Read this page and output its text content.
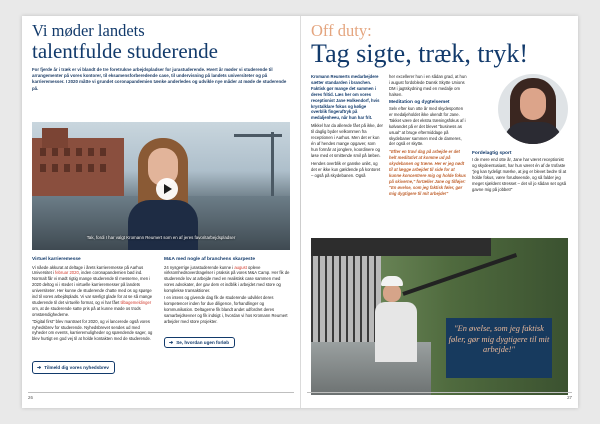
Vi møder landets
talentfulde studerende
For fjerde år i træk er vi blandt de tre foretrukne arbejdspladser for jurastuderende. Hvert år møder vi studerende til arrangementer på vores kontorer, til eksamensforberedende case, til undervisning på landets universiteter og på karrieremesser. I 2020 måtte vi grundet coronapandemien tænke anderledes og udvikle nye måder at møde de studerende på.
Tak, fordi I har valgt Kromann Reumert som en af jeres favoritarbejdspladser
Virtuel karrieremesse

Vi nåede akkurat at deltage i årets karrieremesse på Aarhus Universitet i februar 2020, inden coronapandemien bød ind. Normalt får vi mødt rigtig mange studerende til messerne, men i 2020 deltog vi i stedet i virtuelle karrieremesser på landets universiteter. Her kunne de studerende chatte med os og spørge ind til vores arbejdsplads. Vi var særligt glade for at se så mange studerende til det virtuelle format, og vi har fået tilbagemeldinger om, at de studerende satte pris på at kunne møde os trods omstændighederne.

"Digital first" blev mantraet for 2020, og vi lancerede også vores nyhedsbrev for studerende. Nyhedsbrevet sendes ud med nyheder om events, karrieremuligheder og spændende sager, og blev hurtigt en god vej til at holde kontakten med de studerende.

M&A med nogle af branchens skarpeste

24 nysgerrige jurastuderende kunne i august opleve virksomhedsoverdragelser i praksis på vores M&A Camp. Her fik de studerende lov at arbejde med en realistisk case sammen med vores advokater, der gav dem et indblik i arbejdet med store og komplekse transaktioner.

I en intens og givende dag fik de studerende udviklet deres kompetencer inden for due diligence, forhandlinger og kommunikation. Deltagerne fik blandt andet udfordret deres samarbejdsevner og fik indsigt i, hvordan vi hos Kromann Reumert arbejder med store projekter.

➔ Se, hvordan ugen forløb
➔ Tilmeld dig vores nyhedsbrev
26
Off duty:
Tag sigte, træk, tryk!

Kromann Reumerts medarbejdere sætter standarden i branchen. Faktisk gør mange det sammen i deres fritid. Læs her om vores receptionist Jane Holkendorf, hvis krystalklare fokus og kølige overblik fingeraftryk på medaljenheeu, når hun har frit.

Mikkel har da allerede fået på ikke, der til daglig byder velkommen fra receptionen i Aarhus. Men det er kun én af hendes mange opgaver, som hun formår at jonglere, koordinere og løse med et smittende smil på læben.

Hendes overblik er ganske unikt, og det er ikke kun gældende på kontoret – også på skydebanen. Også

her excellerer hun i en sådan grad, at hun i august fordoblede Dansk Skytte Unions DM i jagtskydning med en medalje om halsen.

Meditation og dygtelsemet

Selv efter kun otte år med skydesporten er medaljeholdet ikke ukendt for Jane. Takket være det ekstra træningsfokus af i kølvandet på er det blevet "business as usual" at bruge eftermiddage på skydebaner sammen med de dameres, der også er skytte.

"Efter en travl dag på arbejde er det helt meditativt at komme ud på skydebanen og træne. Her er jeg nødt til at lægge arbejdet til side for at kunne koncentrere mig og holde fokus på skiverne," fortæller Jane og tilføjer: "En øvelse, som jeg faktisk føler, gør mig dygtigere til mit arbejde!"

Fordelagtig sport

I de mere end otte år, Jane har været receptionist og skydeentusiast, har hun været én af de trofaste "jeg kan tydeligt mærke, at jeg er blevet bedre til at holde fokus, være forudseende, og så falder jeg meget sjældent stresset – det vil jo sådan set også gavne mig på jobbet!"

"En øvelse, som jeg faktisk føler, gør mig dygtigere til mit arbejde!"
27
